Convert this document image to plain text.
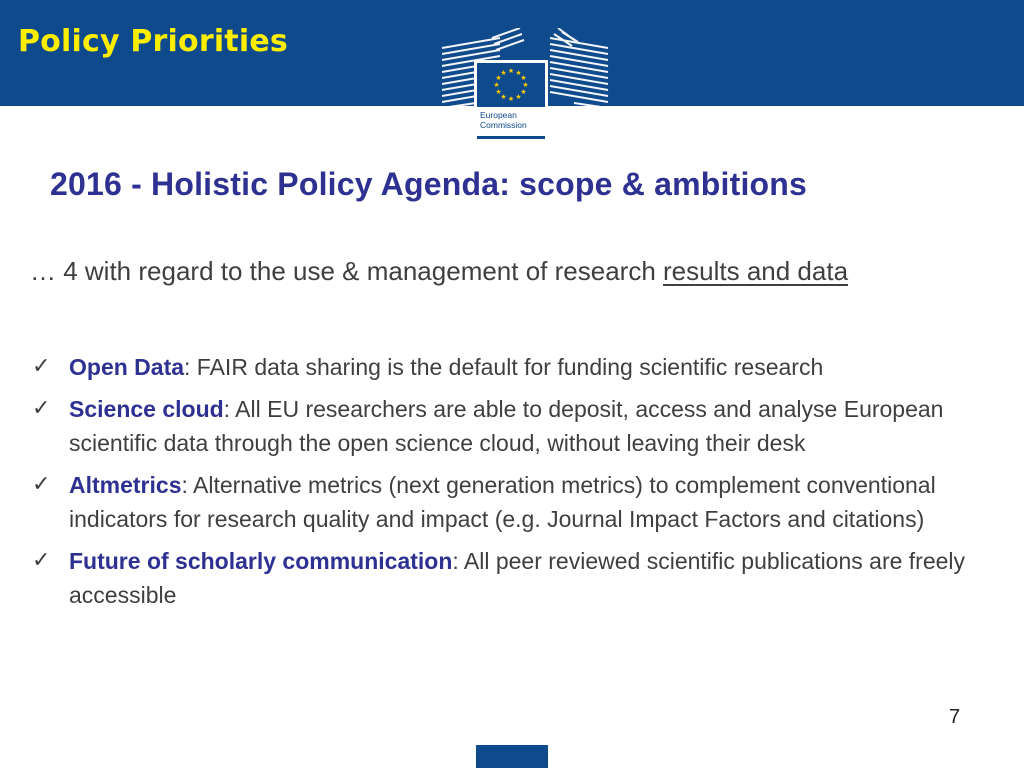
Policy Priorities
★ ★
★
★
★
★
★
★
★
★
★
★
European
Commission
2016 - Holistic Policy Agenda: scope & ambitions
… 4 with regard to the use & management of research results and data
✓ Open Data: FAIR data sharing is the default for funding scientific research
✓ Science cloud: All EU researchers are able to deposit, access and analyse European scientific data through the open science cloud, without leaving their desk
✓ Altmetrics: Alternative metrics (next generation metrics) to complement conventional indicators for research quality and impact (e.g. Journal Impact Factors and citations)
✓ Future of scholarly communication: All peer reviewed scientific publications are freely accessible
7
